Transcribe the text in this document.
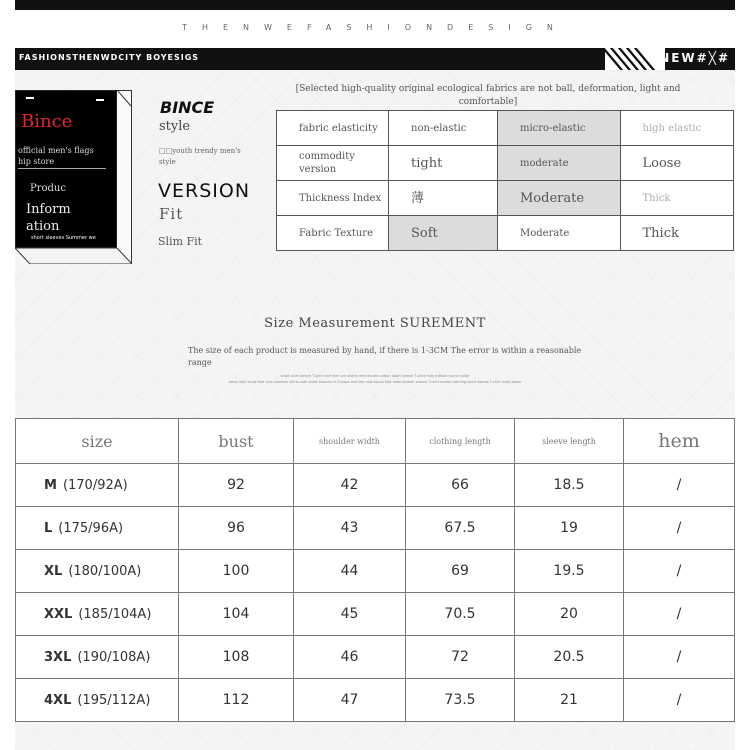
THENWEFASHIONDESIGN
FASHIONSTHENWDCITY BOYESIGS	NEW#╳#
Bince
official men's flags
hip store
Produc
Inform ation
short sleeves Summer we
BINCE
style
□□youth trendy men's style
VERSION
Fit
Slim Fit
[Selected high-quality original ecological fabrics are not ball, deformation, light and comfortable]
fabric elasticity	non-elastic	micro-elastic	high elastic
commodity version	tight	moderate	Loose
Thickness Index	薄	Moderate	Thick
Fabric Texture	Soft	Moderate	Thick
Size Measurement SUREMENT
The size of each product is measured by hand, if there is 1-3CM The error is within a reasonable range
short shirt sleeve T-shirt half men ice shorts mercerized cotton short sleeve T-shirt men edition round collar
dress shirt male five cuts summer shirts with short sleeves in Europe and the new social tide male Korean sleeve T-shirt model clothing short sleeve T-shirt male Japan
size	bust	shoulder width	clothing length	sleeve length	hem
M (170/92A)	92	42	66	18.5	/
L (175/96A)	96	43	67.5	19	/
XL (180/100A)	100	44	69	19.5	/
XXL (185/104A)	104	45	70.5	20	/
3XL (190/108A)	108	46	72	20.5	/
4XL (195/112A)	112	47	73.5	21	/
